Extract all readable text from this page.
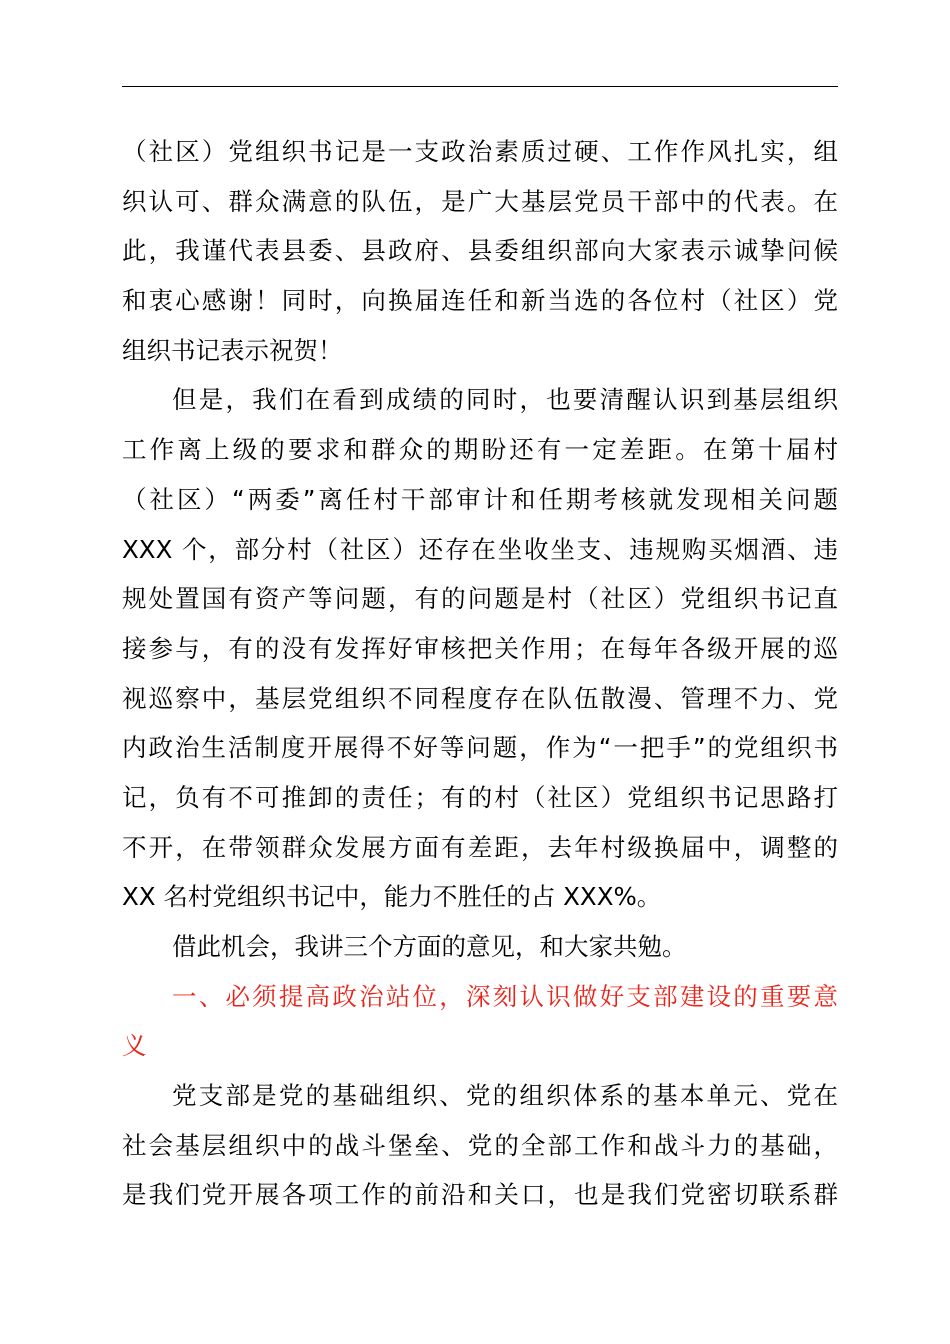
（社区）党组织书记是一支政治素质过硬、工作作风扎实，组
织认可、群众满意的队伍，是广大基层党员干部中的代表。在
此，我谨代表县委、县政府、县委组织部向大家表示诚挚问候
和衷心感谢！同时，向换届连任和新当选的各位村（社区）党
组织书记表示祝贺！
但是，我们在看到成绩的同时，也要清醒认识到基层组织
工作离上级的要求和群众的期盼还有一定差距。在第十届村
（社区）“两委”离任村干部审计和任期考核就发现相关问题
XXX 个，部分村（社区）还存在坐收坐支、违规购买烟酒、违
规处置国有资产等问题，有的问题是村（社区）党组织书记直
接参与，有的没有发挥好审核把关作用；在每年各级开展的巡
视巡察中，基层党组织不同程度存在队伍散漫、管理不力、党
内政治生活制度开展得不好等问题，作为“一把手”的党组织书
记，负有不可推卸的责任；有的村（社区）党组织书记思路打
不开，在带领群众发展方面有差距，去年村级换届中，调整的
XX 名村党组织书记中，能力不胜任的占 XXX%。
借此机会，我讲三个方面的意见，和大家共勉。
一、必须提高政治站位，深刻认识做好支部建设的重要意
义
党支部是党的基础组织、党的组织体系的基本单元、党在
社会基层组织中的战斗堡垒、党的全部工作和战斗力的基础，
是我们党开展各项工作的前沿和关口，也是我们党密切联系群
